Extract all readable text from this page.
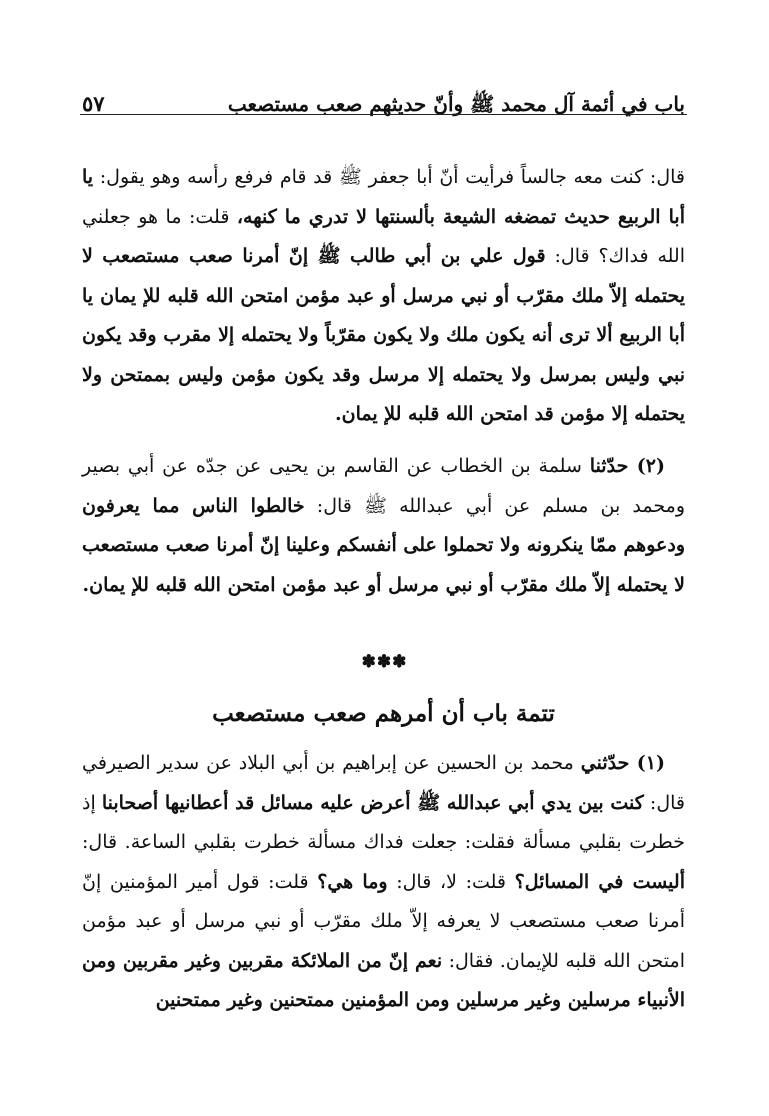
باب في أئمة آل محمد ﷺ وأنّ حديثهم صعب مستصعب
٥٧

قال: كنت معه جالساً فرأيت أنّ أبا جعفر ﷺ قد قام فرفع رأسه وهو يقول: يا أبا الربيع حديث تمضغه الشيعة بألسنتها لا تدري ما كنهه، قلت: ما هو جعلني الله فداك؟ قال: قول علي بن أبي طالب ﷺ إنّ أمرنا صعب مستصعب لا يحتمله إلاّ ملك مقرّب أو نبي مرسل أو عبد مؤمن امتحن الله قلبه للإ يمان يا أبا الربيع ألا ترى أنه يكون ملك ولا يكون مقرّباً ولا يحتمله إلا مقرب وقد يكون نبي وليس بمرسل ولا يحتمله إلا مرسل وقد يكون مؤمن وليس بممتحن ولا يحتمله إلا مؤمن قد امتحن الله قلبه للإ يمان.

(٢) حدّثنا سلمة بن الخطاب عن القاسم بن يحيى عن جدّه عن أبي بصير ومحمد بن مسلم عن أبي عبدالله ﷺ قال: خالطوا الناس مما يعرفون ودعوهم ممّا ينكرونه ولا تحملوا على أنفسكم وعلينا إنّ أمرنا صعب مستصعب لا يحتمله إلاّ ملك مقرّب أو نبي مرسل أو عبد مؤمن امتحن الله قلبه للإ يمان.

✽✽✽
تتمة باب أن أمرهم صعب مستصعب

(١) حدّثني محمد بن الحسين عن إبراهيم بن أبي البلاد عن سدير الصيرفي قال: كنت بين يدي أبي عبدالله ﷺ أعرض عليه مسائل قد أعطانيها أصحابنا إذ خطرت بقلبي مسألة فقلت: جعلت فداك مسألة خطرت بقلبي الساعة. قال: أليست في المسائل؟ قلت: لا، قال: وما هي؟ قلت: قول أمير المؤمنين إنّ أمرنا صعب مستصعب لا يعرفه إلاّ ملك مقرّب أو نبي مرسل أو عبد مؤمن امتحن الله قلبه للإيمان. فقال: نعم إنّ من الملائكة مقربين وغير مقربين ومن الأنبياء مرسلين وغير مرسلين ومن المؤمنين ممتحنين وغير ممتحنين
